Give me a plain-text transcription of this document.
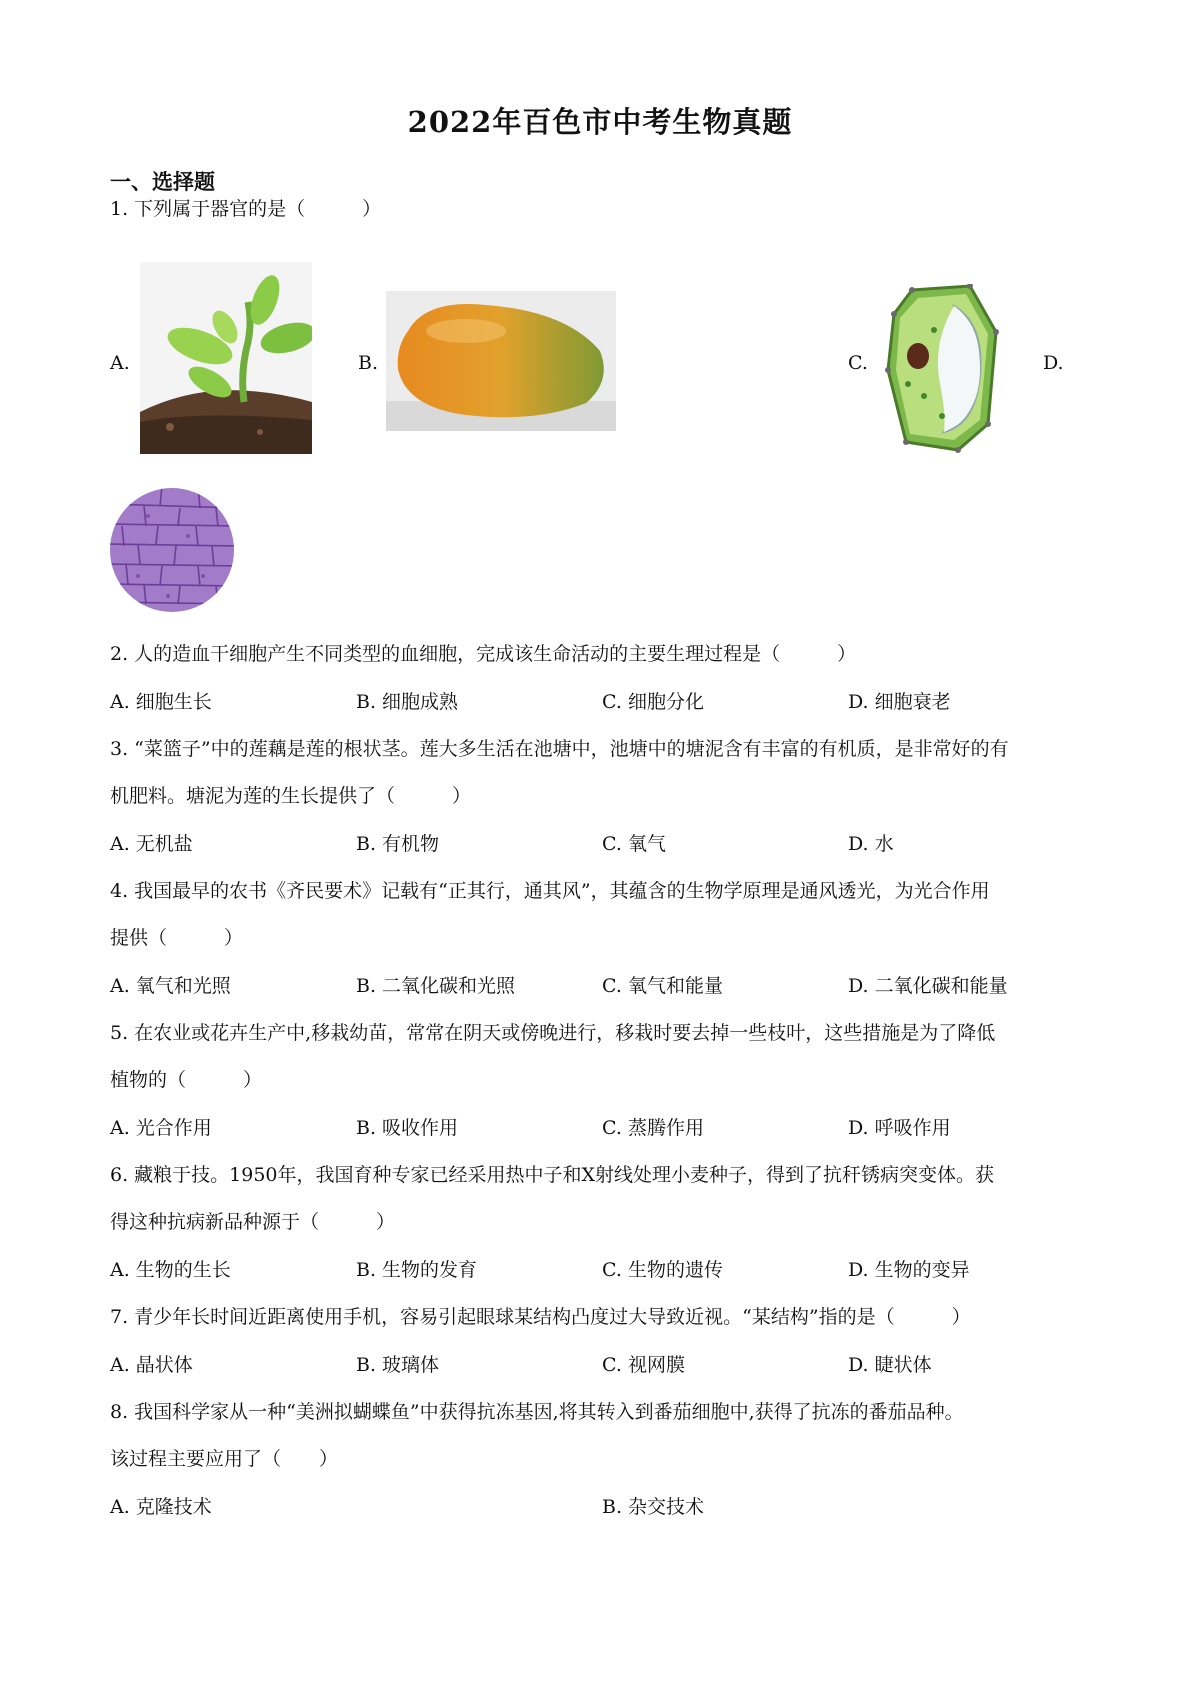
2022年百色市中考生物真题
一、选择题
1. 下列属于器官的是（　　　）
A.	B.	C.	D.
2. 人的造血干细胞产生不同类型的血细胞，完成该生命活动的主要生理过程是（　　　）
A. 细胞生长	B. 细胞成熟	C. 细胞分化	D. 细胞衰老
3. “菜篮子”中的莲藕是莲的根状茎。莲大多生活在池塘中，池塘中的塘泥含有丰富的有机质，是非常好的有
机肥料。塘泥为莲的生长提供了（　　　）
A. 无机盐	B. 有机物	C. 氧气	D. 水
4. 我国最早的农书《齐民要术》记载有“正其行，通其风”，其蕴含的生物学原理是通风透光，为光合作用
提供（　　　）
A. 氧气和光照	B. 二氧化碳和光照	C. 氧气和能量	D. 二氧化碳和能量
5. 在农业或花卉生产中,移栽幼苗，常常在阴天或傍晚进行，移栽时要去掉一些枝叶，这些措施是为了降低
植物的（　　　）
A. 光合作用	B. 吸收作用	C. 蒸腾作用	D. 呼吸作用
6. 藏粮于技。1950年，我国育种专家已经采用热中子和X射线处理小麦种子，得到了抗秆锈病突变体。获
得这种抗病新品种源于（　　　）
A. 生物的生长	B. 生物的发育	C. 生物的遗传	D. 生物的变异
7. 青少年长时间近距离使用手机，容易引起眼球某结构凸度过大导致近视。“某结构”指的是（　　　）
A. 晶状体	B. 玻璃体	C. 视网膜	D. 睫状体
8. 我国科学家从一种“美洲拟蝴蝶鱼”中获得抗冻基因,将其转入到番茄细胞中,获得了抗冻的番茄品种。
该过程主要应用了（　　）
A. 克隆技术	B. 杂交技术
